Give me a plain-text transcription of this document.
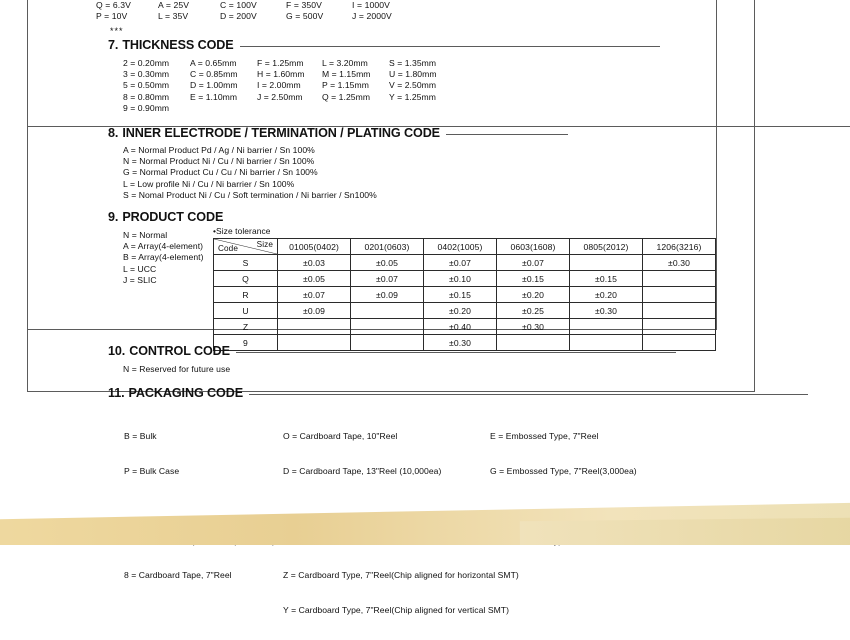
Q = 6.3V	A = 25V	C = 100V	F = 350V	I = 1000V
P = 10V	L = 35V	D = 200V	G = 500V	J = 2000V
***
7. THICKNESS CODE
2 = 0.20mm	A = 0.65mm	F = 1.25mm	L = 3.20mm	S = 1.35mm
3 = 0.30mm	C = 0.85mm	H = 1.60mm	M = 1.15mm	U = 1.80mm
5 = 0.50mm	D = 1.00mm	I = 2.00mm	P = 1.15mm	V = 2.50mm
8 = 0.80mm	E = 1.10mm	J = 2.50mm	Q = 1.25mm	Y = 1.25mm
9 = 0.90mm
8. INNER ELECTRODE / TERMINATION / PLATING CODE
A = Normal Product Pd / Ag / Ni barrier / Sn 100%
N = Normal Product Ni / Cu / Ni barrier / Sn 100%
G = Normal Product Cu / Cu / Ni barrier / Sn 100%
L = Low profile Ni / Cu / Ni barrier / Sn 100%
S = Nomal Product Ni / Cu / Soft termination / Ni barrier / Sn100%
9. PRODUCT CODE
N = Normal
A = Array(4-element)
B = Array(4-element)
L = UCC
J = SLIC
•Size tolerance
Size
Code	01005(0402)	0201(0603)	0402(1005)	0603(1608)	0805(2012)	1206(3216)
S	±0.03	±0.05	±0.07	±0.07		±0.30
Q	±0.05	±0.07	±0.10	±0.15	±0.15	
R	±0.07	±0.09	±0.15	±0.20	±0.20	
U	±0.09		±0.20	±0.25	±0.30	
Z			±0.40	±0.30		
9			±0.30			
10. CONTROL CODE
N = Reserved for future use
11. PACKAGING CODE

B = Bulk

P = Bulk Case

8 = Cardboard Tape, 7"Reel

O = Cardboard Tape, 10"Reel

D = Cardboard Tape, 13"Reel (10,000ea)

Z = Cardboard Type, 7"Reel(Chip aligned for horizontal SMT)

Y = Cardboard Type, 7"Reel(Chip aligned for vertical SMT)

E = Embossed Type, 7"Reel

G = Embossed Type, 7"Reel(3,000ea)
